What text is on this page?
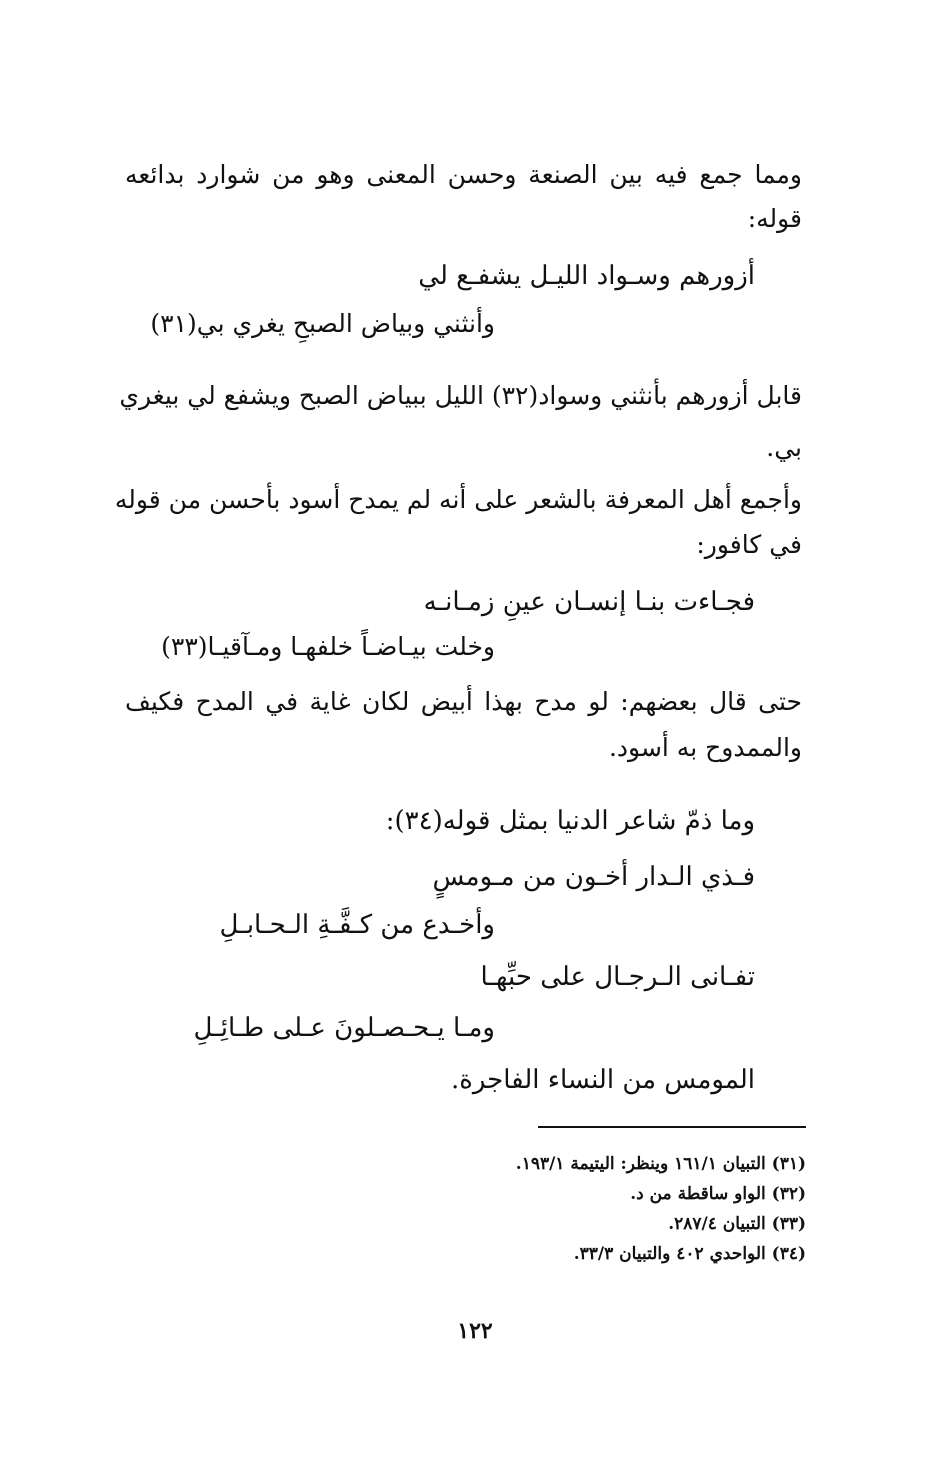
ومما جمع فيه بين الصنعة وحسن المعنى وهو من شوارد بدائعه
قوله:
أزورهم وسـواد الليـل يشفـع لي
وأنثني وبياض الصبحِ يغري بي(٣١)
قابل أزورهم بأنثني وسواد(٣٢) الليل ببياض الصبح ويشفع لي بيغري
بي.
وأجمع أهل المعرفة بالشعر على أنه لم يمدح أسود بأحسن من قوله
في كافور:
فجـاءت بنـا إنسـان عينِ زمـانـه
وخلت بيـاضـاً خلفهـا ومـآقيـا(٣٣)
حتى قال بعضهم: لو مدح بهذا أبيض لكان غاية في المدح فكيف
والممدوح به أسود.
وما ذمّ شاعر الدنيا بمثل قوله(٣٤):
فـذي الـدار أخـون من مـومسٍ
وأخـدع من كـفَّـةِ الـحـابـلِ
تفـانى الـرجـال على حبِّهـا
ومـا يـحـصـلونَ عـلى طـائِـلِ
المومس من النساء الفاجرة.
(٣١) التبيان ١٦١/١ وينظر: اليتيمة ١٩٣/١.
(٣٢) الواو ساقطة من د.
(٣٣) التبيان ٢٨٧/٤.
(٣٤) الواحدي ٤٠٢ والتبيان ٣٣/٣.
١٢٢
